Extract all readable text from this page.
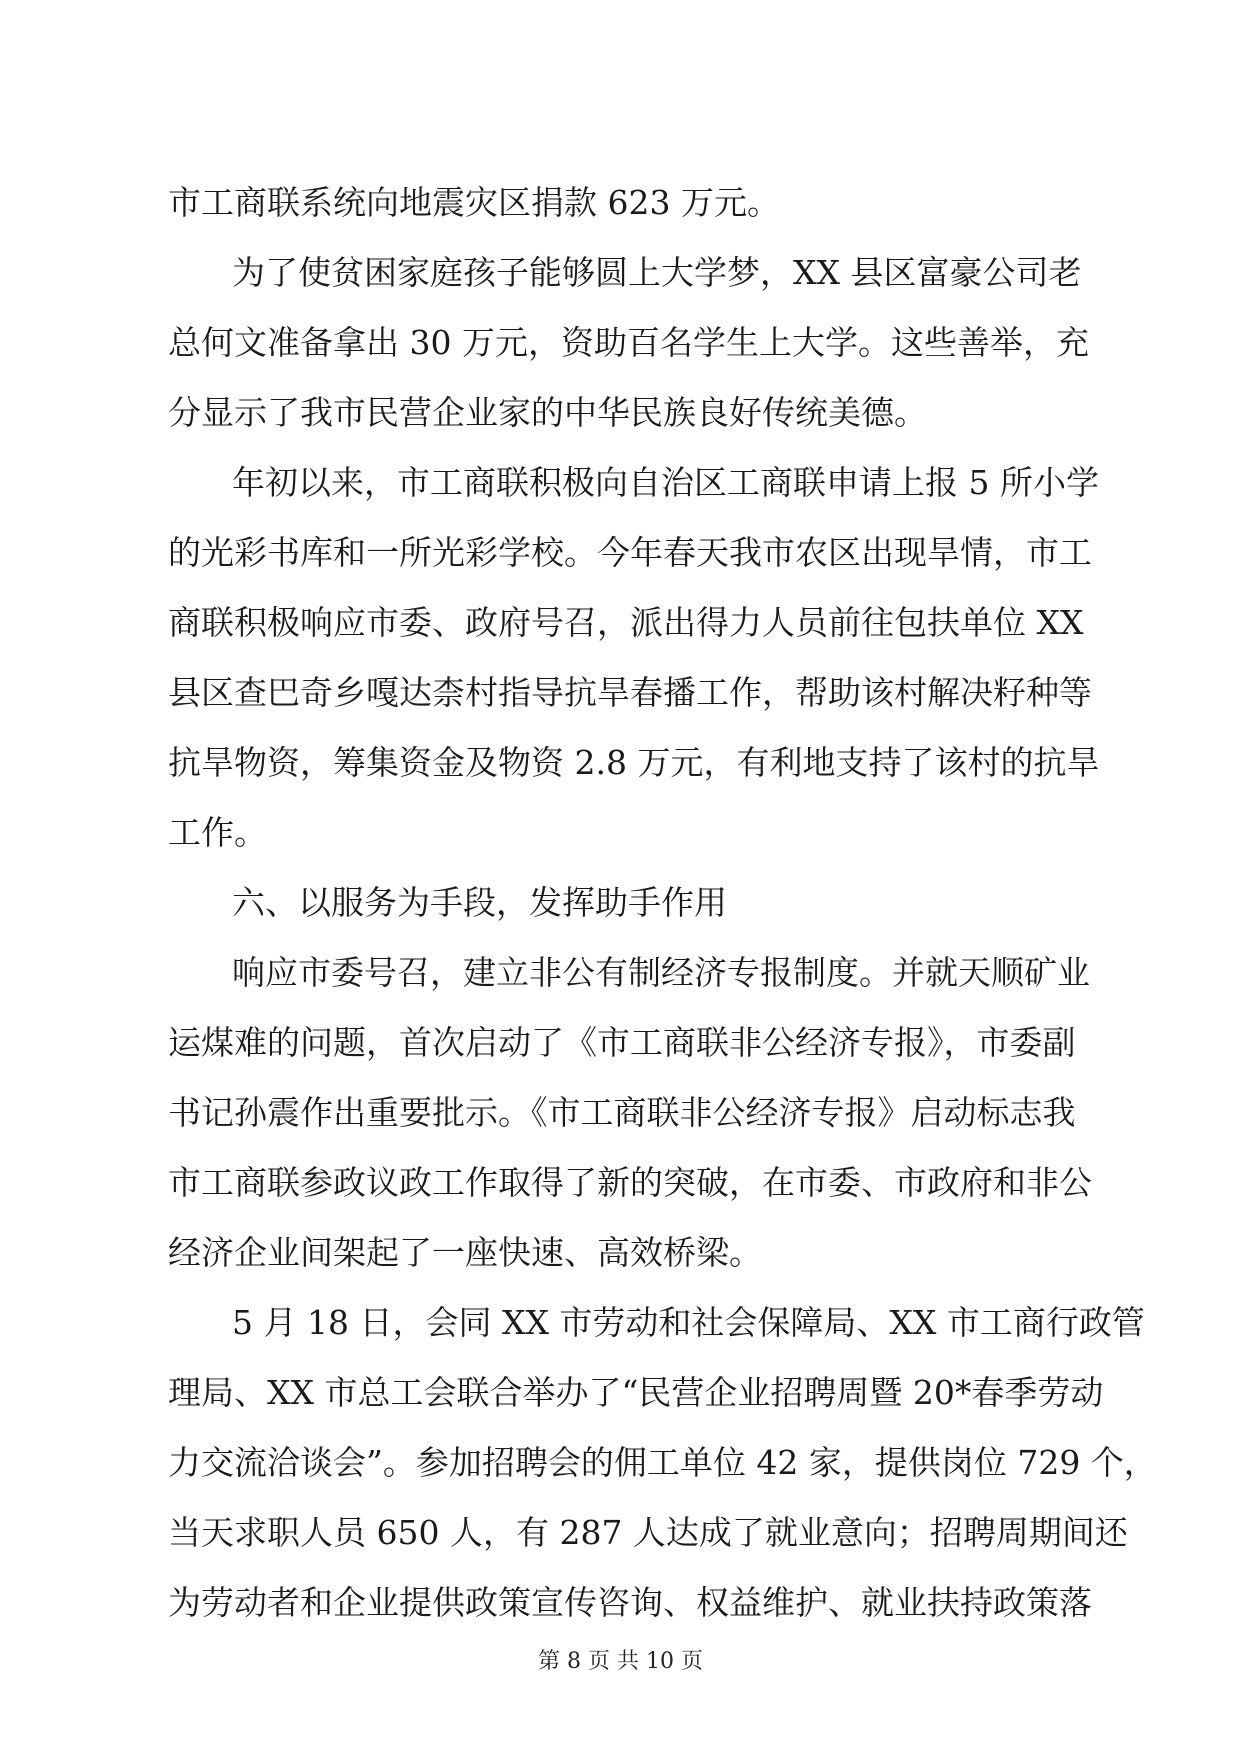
市工商联系统向地震灾区捐款 623 万元。
为了使贫困家庭孩子能够圆上大学梦，XX 县区富豪公司老
总何文准备拿出 30 万元，资助百名学生上大学。这些善举，充
分显示了我市民营企业家的中华民族良好传统美德。
年初以来，市工商联积极向自治区工商联申请上报 5 所小学
的光彩书库和一所光彩学校。今年春天我市农区出现旱情，市工
商联积极响应市委、政府号召，派出得力人员前往包扶单位 XX
县区查巴奇乡嘎达柰村指导抗旱春播工作，帮助该村解决籽种等
抗旱物资，筹集资金及物资 2.8 万元，有利地支持了该村的抗旱
工作。
六、以服务为手段，发挥助手作用
响应市委号召，建立非公有制经济专报制度。并就天顺矿业
运煤难的问题，首次启动了《市工商联非公经济专报》，市委副
书记孙震作出重要批示。《市工商联非公经济专报》启动标志我
市工商联参政议政工作取得了新的突破，在市委、市政府和非公
经济企业间架起了一座快速、高效桥梁。
5 月 18 日，会同 XX 市劳动和社会保障局、XX 市工商行政管
理局、XX 市总工会联合举办了“民营企业招聘周暨 20*春季劳动
力交流洽谈会”。参加招聘会的佣工单位 42 家，提供岗位 729 个，
当天求职人员 650 人，有 287 人达成了就业意向；招聘周期间还
为劳动者和企业提供政策宣传咨询、权益维护、就业扶持政策落
第 8 页 共 10 页
